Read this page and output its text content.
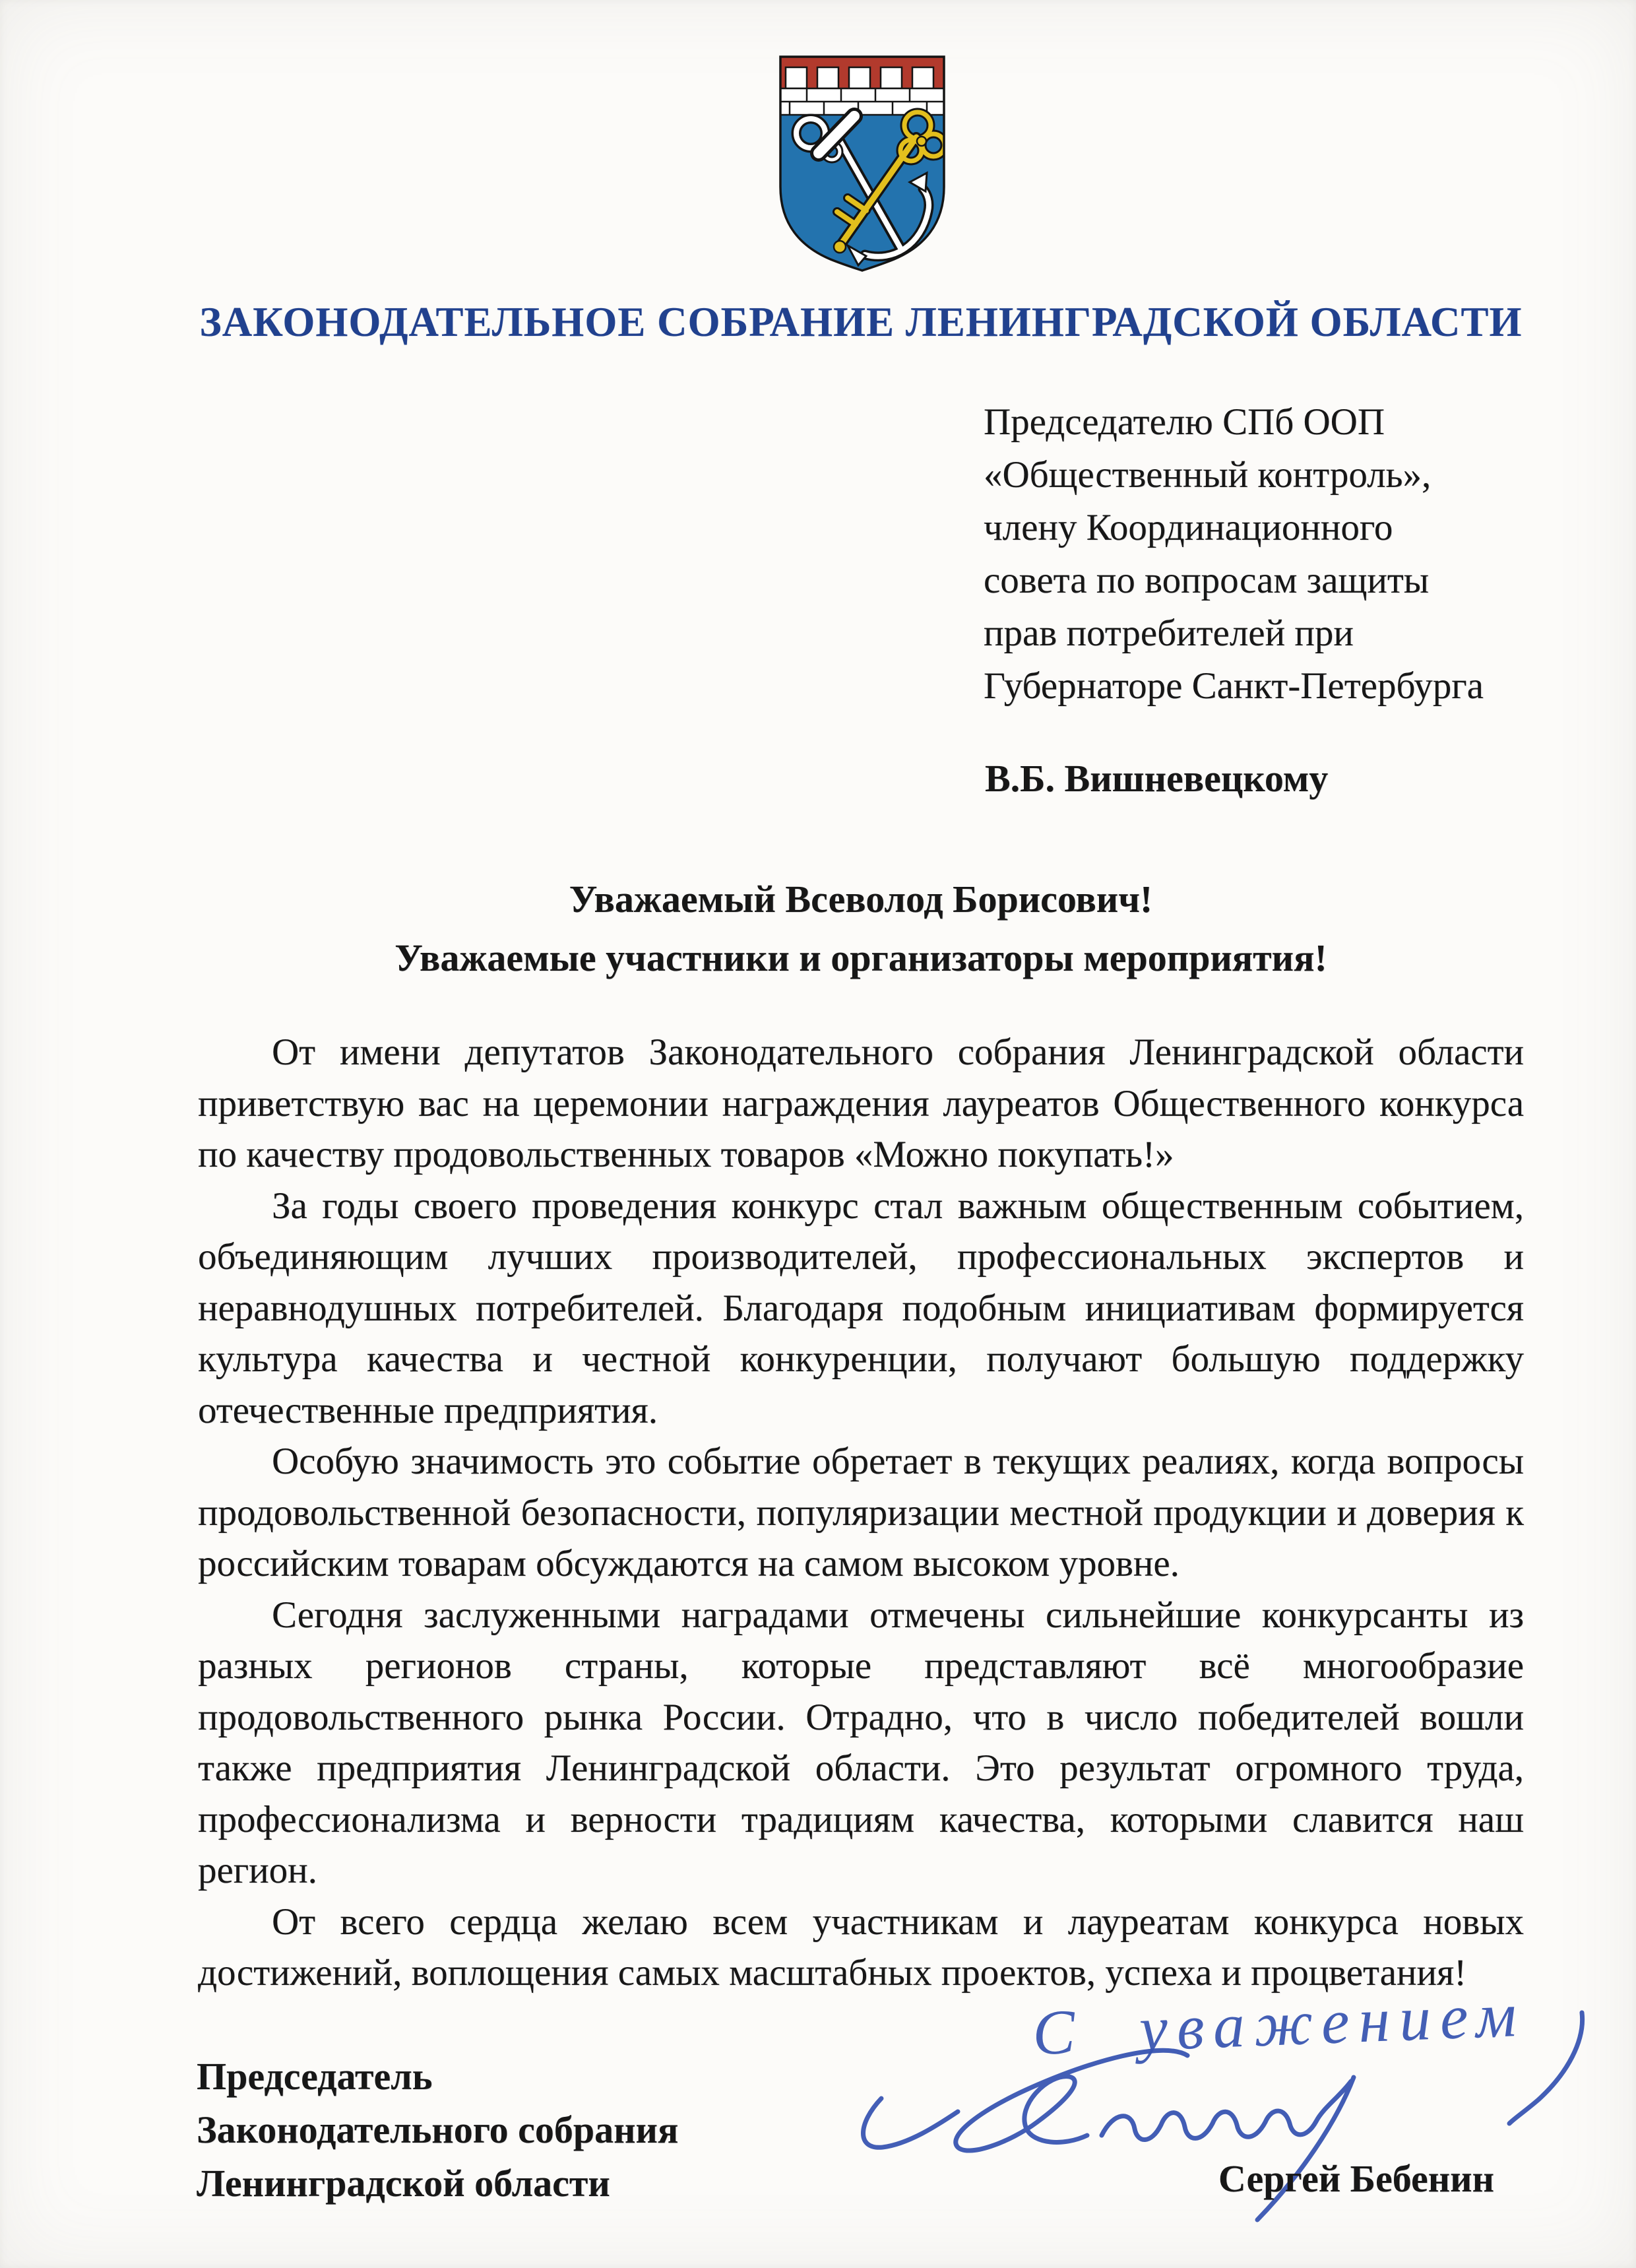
ЗАКОНОДАТЕЛЬНОЕ СОБРАНИЕ ЛЕНИНГРАДСКОЙ ОБЛАСТИ
Председателю СПб ООП
«Общественный контроль»,
члену Координационного
совета по вопросам защиты
прав потребителей при
Губернаторе Санкт-Петербурга
В.Б. Вишневецкому
Уважаемый Всеволод Борисович!
Уважаемые участники и организаторы мероприятия!

От имени депутатов Законодательного собрания Ленинградской области приветствую вас на церемонии награждения лауреатов Общественного конкурса по качеству продовольственных товаров «Можно покупать!»

За годы своего проведения конкурс стал важным общественным событием, объединяющим лучших производителей, профессиональных экспертов и неравнодушных потребителей. Благодаря подобным инициативам формируется культура качества и честной конкуренции, получают большую поддержку отечественные предприятия.

Особую значимость это событие обретает в текущих реалиях, когда вопросы продовольственной безопасности, популяризации местной продукции и доверия к российским товарам обсуждаются на самом высоком уровне.

Сегодня заслуженными наградами отмечены сильнейшие конкурсанты из разных регионов страны, которые представляют всё многообразие продовольственного рынка России. Отрадно, что в число победителей вошли также предприятия Ленинградской области. Это результат огромного труда, профессионализма и верности традициям качества, которыми славится наш регион.

От всего сердца желаю всем участникам и лауреатам конкурса новых достижений, воплощения самых масштабных проектов, успеха и процветания!

С уважением
Председатель
Законодательного собрания
Ленинградской области	Сергей Бебенин
